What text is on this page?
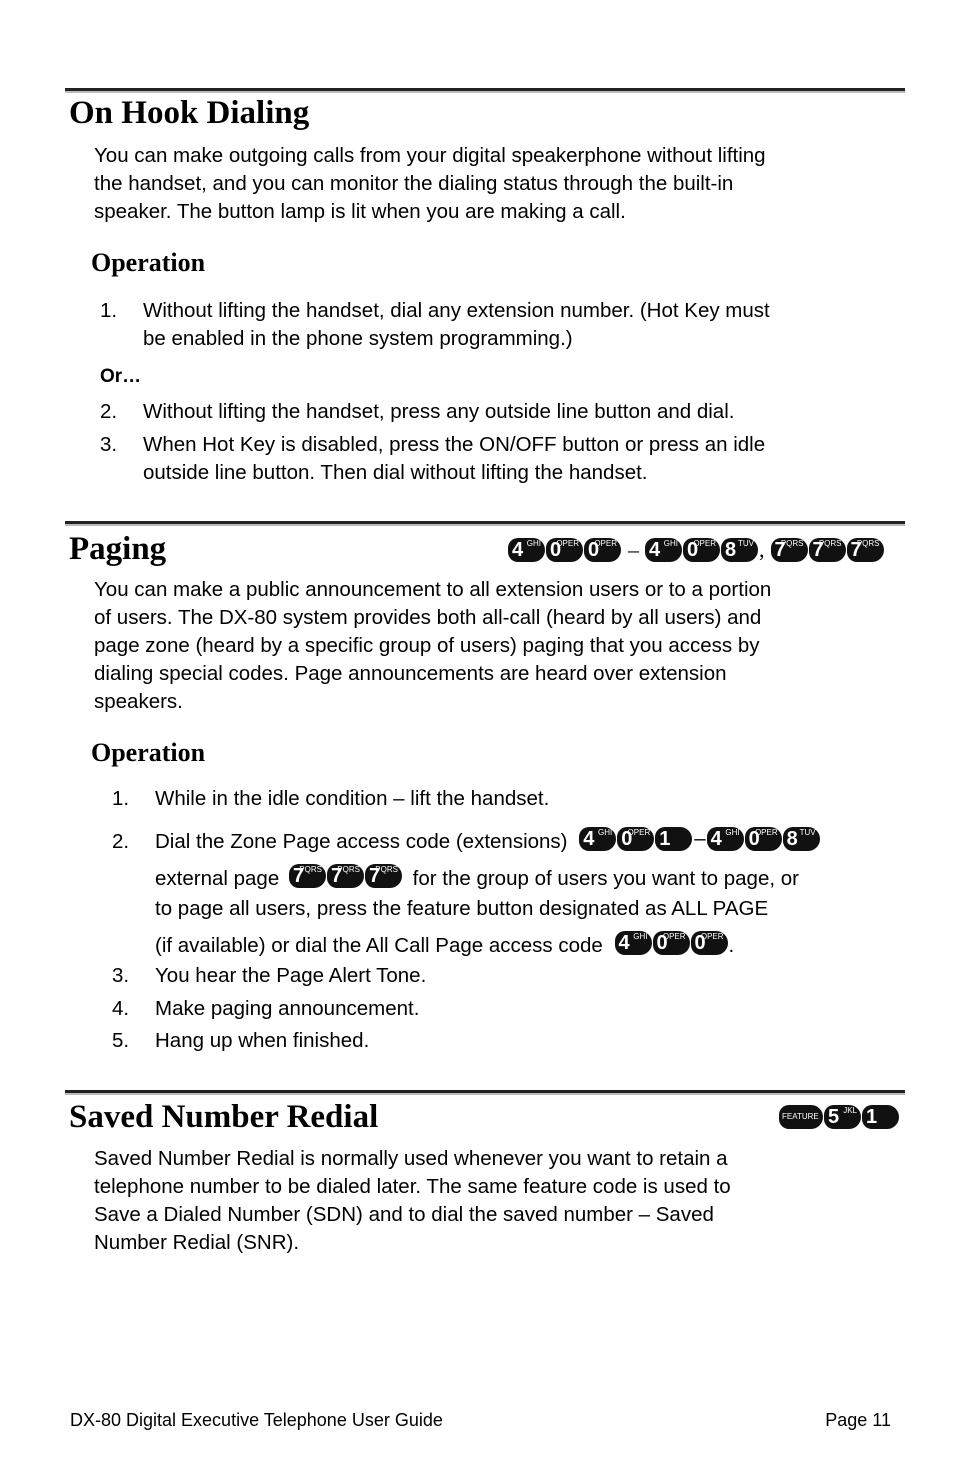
On Hook Dialing

You can make outgoing calls from your digital speakerphone without lifting
the handset, and you can monitor the dialing status through the built-in
speaker. The button lamp is lit when you are making a call.

Operation
1. Without lifting the handset, dial any extension number. (Hot Key must
be enabled in the phone system programming.)
Or…
2. Without lifting the handset, press any outside line button and dial.
3. When Hot Key is disabled, press the ON/OFF button or press an idle
outside line button. Then dial without lifting the handset.
Paging	4 GHI 0
OPER 0
OPER – 4 GHI 0
OPER 8 TUV , 7
PQRS 7
PQRS 7
PQRS

You can make a public announcement to all extension users or to a portion
of users. The DX-80 system provides both all-call (heard by all users) and
page zone (heard by a specific group of users) paging that you access by
dialing special codes. Page announcements are heard over extension
speakers.

Operation
1. While in the idle condition – lift the handset.
2. Dial the Zone Page access code (extensions) 4 GHI 0
OPER 1 – 4 GHI 0
OPER 8 TUV
external page 7
PQRS 7
PQRS 7
PQRS for the group of users you want to page, or
to page all users, press the feature button designated as ALL PAGE
(if available) or dial the All Call Page access code 4 GHI 0
OPER 0
OPER .
3. You hear the Page Alert Tone.
4. Make paging announcement.
5. Hang up when finished.
Saved Number Redial	FEATURE 5 JKL 1

Saved Number Redial is normally used whenever you want to retain a
telephone number to be dialed later. The same feature code is used to
Save a Dialed Number (SDN) and to dial the saved number – Saved
Number Redial (SNR).

DX-80 Digital Executive Telephone User Guide	Page 11
